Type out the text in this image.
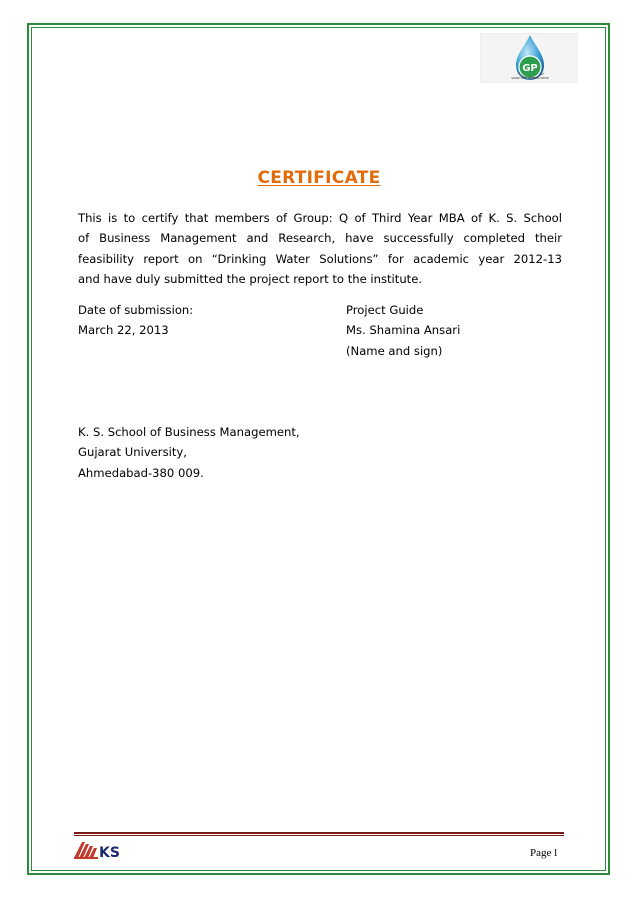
GP
GRAND PURE DRINKING WATER
CERTIFICATE
This is to certify that members of Group: Q of Third Year MBA of K. S. School
of Business Management and Research, have successfully completed their
feasibility report on “Drinking Water Solutions” for academic year 2012-13
and have duly submitted the project report to the institute.
Date of submission:
March 22, 2013
Project Guide
Ms. Shamina Ansari
(Name and sign)
K. S. School of Business Management,
Gujarat University,
Ahmedabad-380 009.
KS	Page l
